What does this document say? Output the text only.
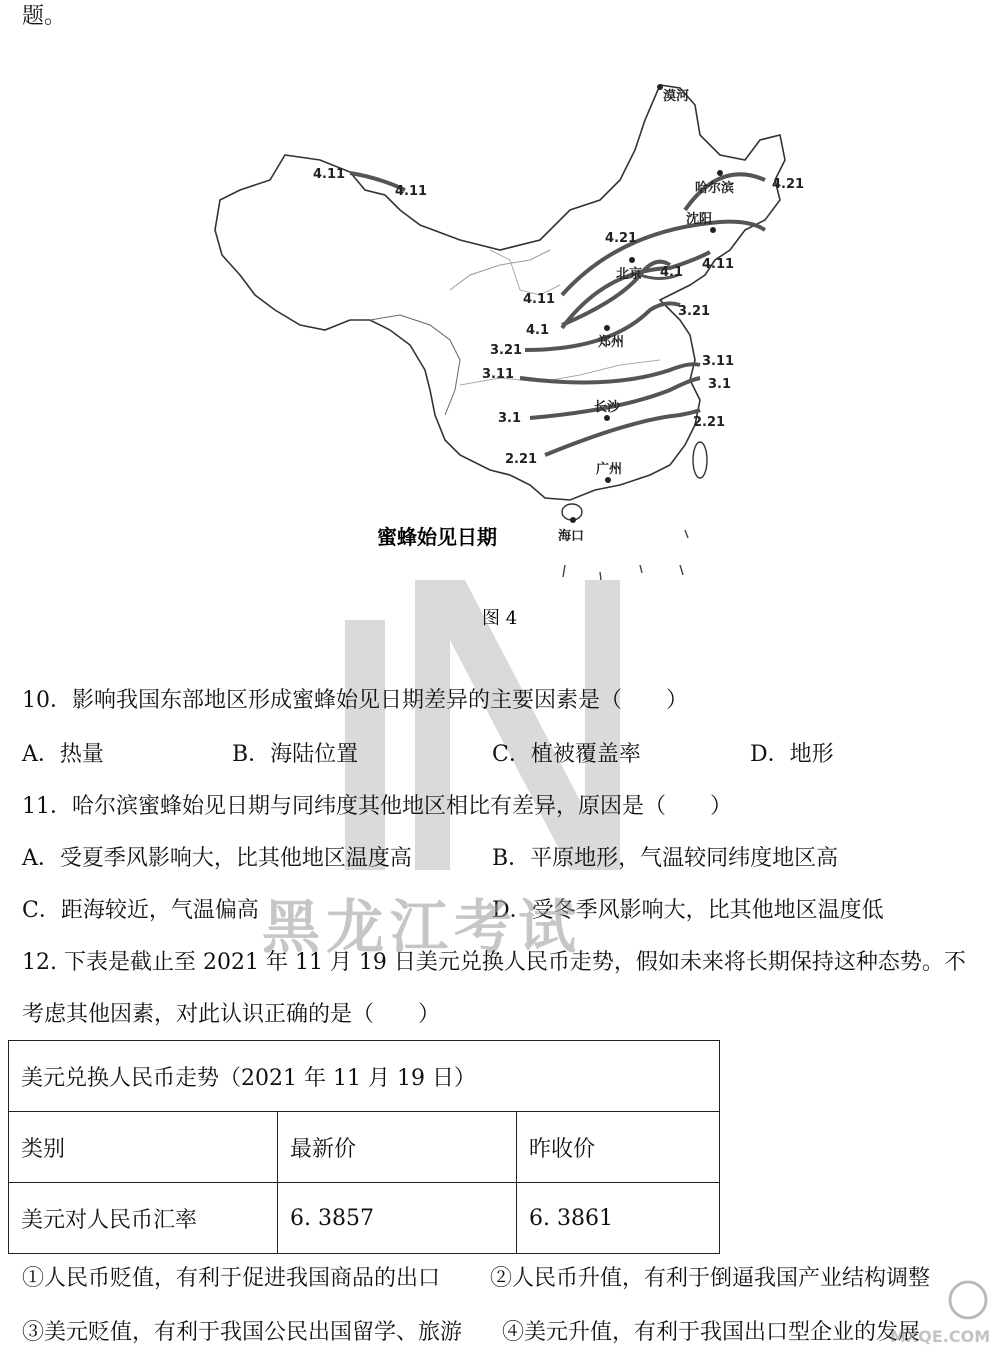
题。
漠河
哈尔滨
沈阳
北京
郑州
长沙
广州
海口
4.11
4.11	4.21
4.21
4.11
4.11
4.1
4.1
3.21
3.21
3.11
3.11
3.1
3.1
2.21
2.21
蜜蜂始见日期
图 4
10．影响我国东部地区形成蜜蜂始见日期差异的主要因素是（　　）
A．热量	B．海陆位置	C．植被覆盖率	D．地形
11．哈尔滨蜜蜂始见日期与同纬度其他地区相比有差异，原因是（　　）
A．受夏季风影响大，比其他地区温度高	B．平原地形，气温较同纬度地区高
C．距海较近，气温偏高	D．受冬季风影响大，比其他地区温度低
黑龙江考试
12. 下表是截止至 2021 年 11 月 19 日美元兑换人民币走势，假如未来将长期保持这种态势。不
考虑其他因素，对此认识正确的是（　　）
美元兑换人民币走势（2021 年 11 月 19 日）		
类别	最新价	昨收价
美元对人民币汇率	6. 3857	6. 3861
①人民币贬值，有利于促进我国商品的出口 ②人民币升值，有利于倒逼我国产业结构调整
③美元贬值，有利于我国公民出国留学、旅游 ④美元升值，有利于我国出口型企业的发展
MXQE.COM
